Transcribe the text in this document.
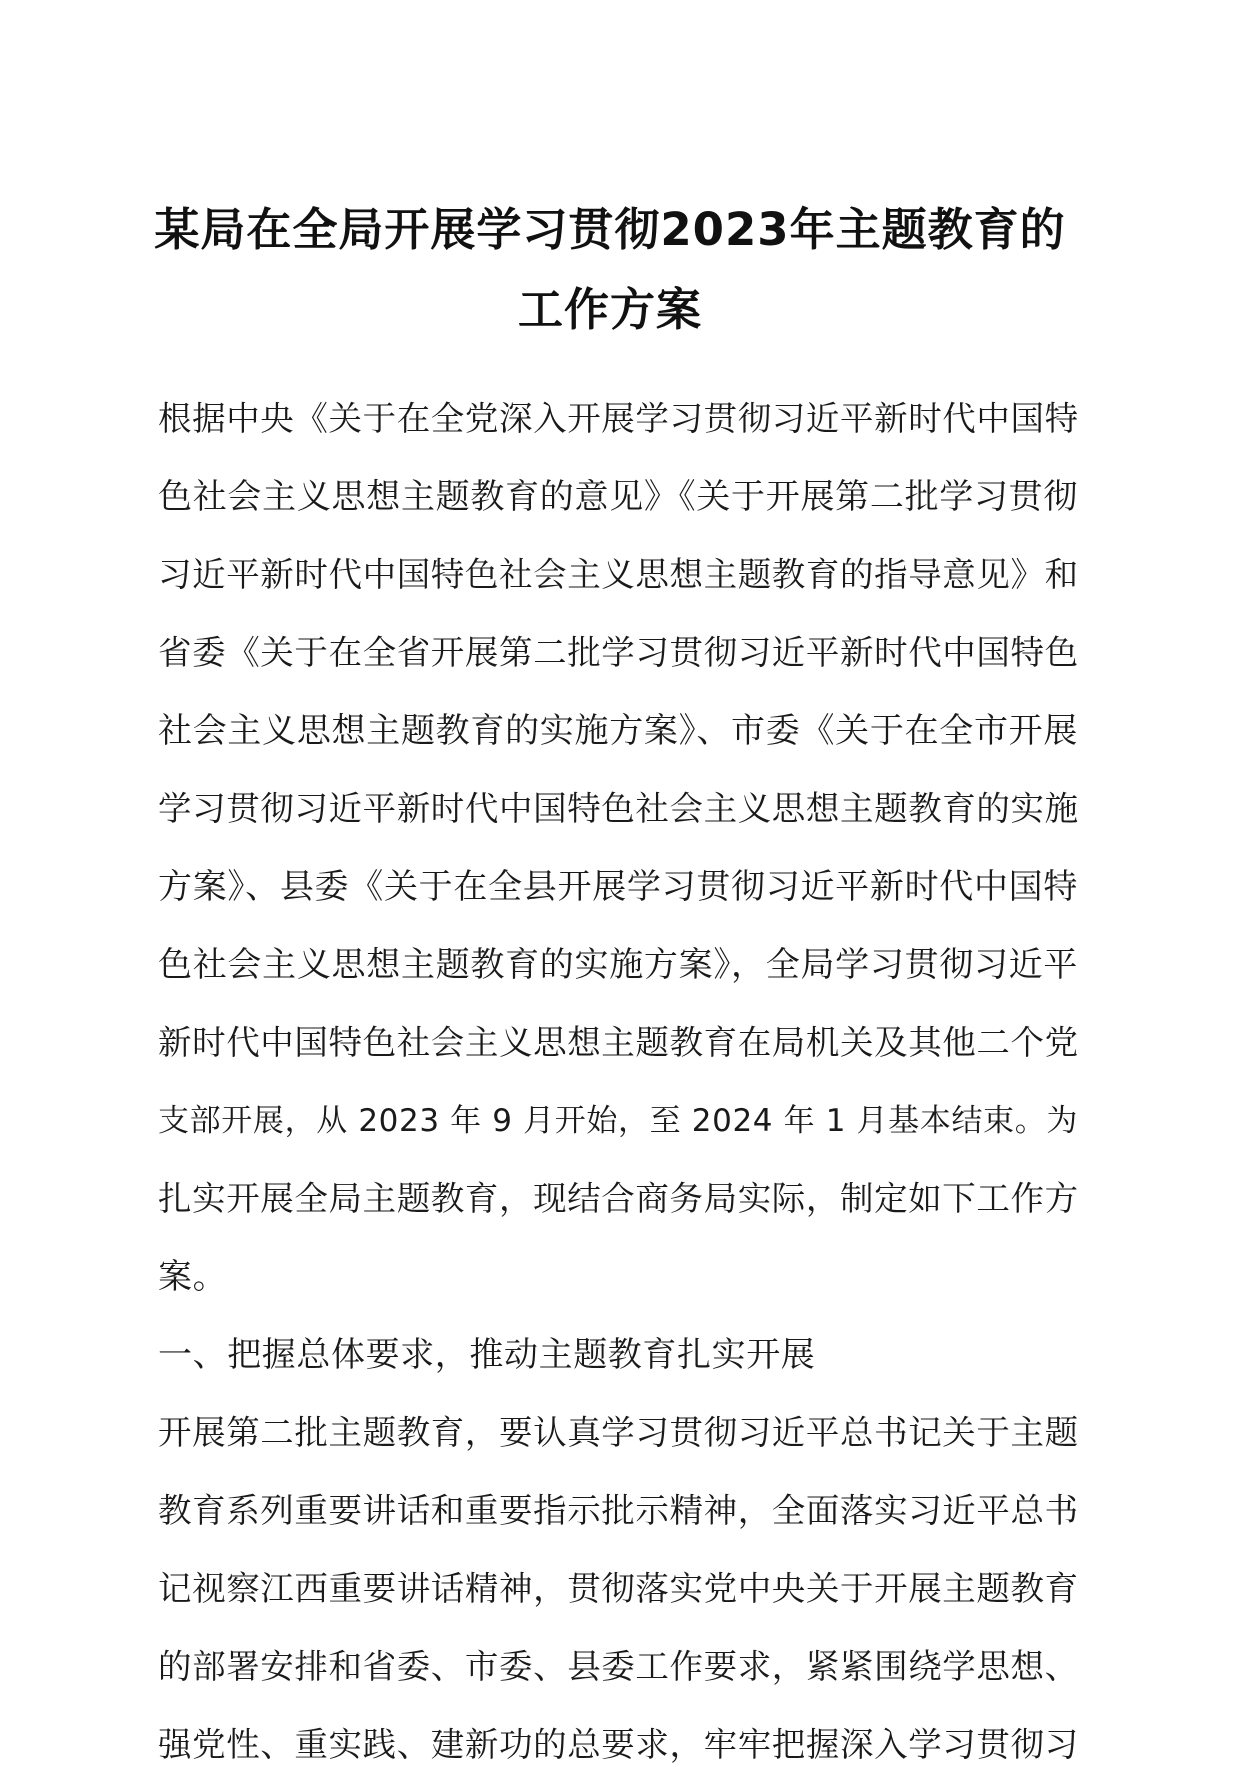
某局在全局开展学习贯彻2023年主题教育的
工作方案
根据中央《关于在全党深入开展学习贯彻习近平新时代中国特
色社会主义思想主题教育的意见》《关于开展第二批学习贯彻
习近平新时代中国特色社会主义思想主题教育的指导意见》和
省委《关于在全省开展第二批学习贯彻习近平新时代中国特色
社会主义思想主题教育的实施方案》、市委《关于在全市开展
学习贯彻习近平新时代中国特色社会主义思想主题教育的实施
方案》、县委《关于在全县开展学习贯彻习近平新时代中国特
色社会主义思想主题教育的实施方案》，全局学习贯彻习近平
新时代中国特色社会主义思想主题教育在局机关及其他二个党
支部开展，从 2023 年 9 月开始，至 2024 年 1 月基本结束。为
扎实开展全局主题教育，现结合商务局实际，制定如下工作方
案。
一、把握总体要求，推动主题教育扎实开展
开展第二批主题教育，要认真学习贯彻习近平总书记关于主题
教育系列重要讲话和重要指示批示精神，全面落实习近平总书
记视察江西重要讲话精神，贯彻落实党中央关于开展主题教育
的部署安排和省委、市委、县委工作要求，紧紧围绕学思想、
强党性、重实践、建新功的总要求，牢牢把握深入学习贯彻习
